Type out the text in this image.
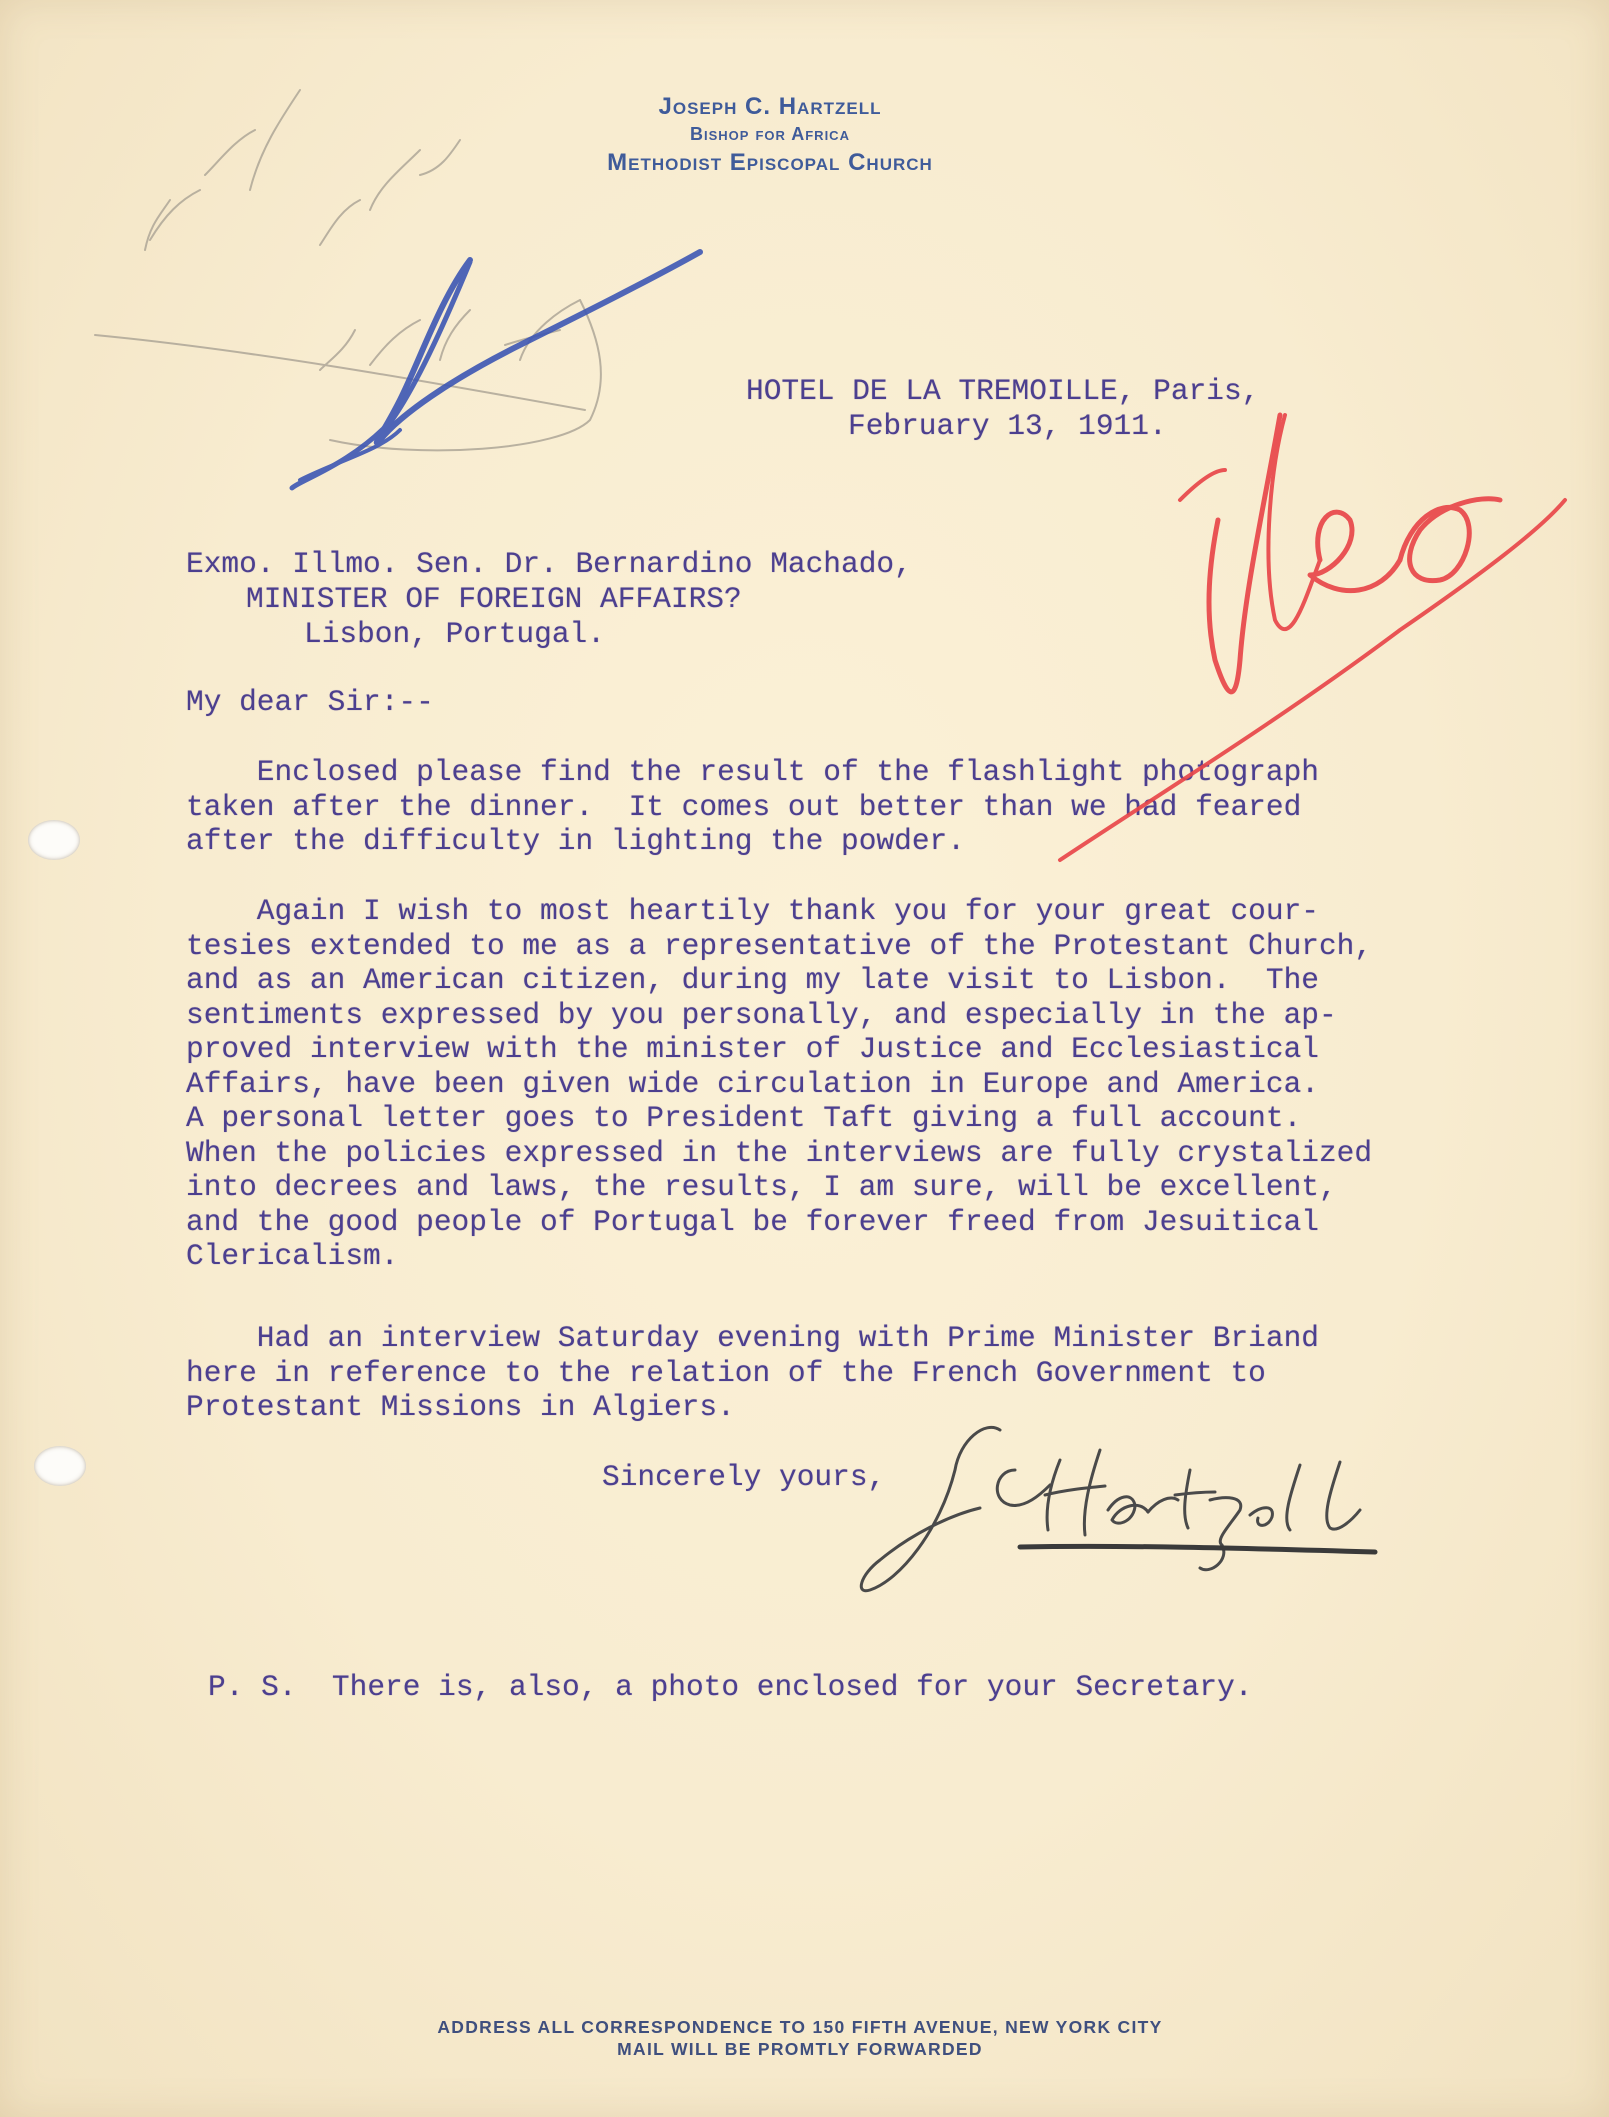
Joseph C. Hartzell
Bishop for Africa
Methodist Episcopal Church
HOTEL DE LA TREMOILLE, Paris,
February 13, 1911.
Exmo. Illmo. Sen. Dr. Bernardino Machado,
MINISTER OF FOREIGN AFFAIRS?
Lisbon, Portugal.
My dear Sir:--
Enclosed please find the result of the flashlight photograph
taken after the dinner.  It comes out better than we had feared
after the difficulty in lighting the powder.
Again I wish to most heartily thank you for your great cour-
tesies extended to me as a representative of the Protestant Church,
and as an American citizen, during my late visit to Lisbon.  The
sentiments expressed by you personally, and especially in the ap-
proved interview with the minister of Justice and Ecclesiastical
Affairs, have been given wide circulation in Europe and America.
A personal letter goes to President Taft giving a full account.
When the policies expressed in the interviews are fully crystalized
into decrees and laws, the results, I am sure, will be excellent,
and the good people of Portugal be forever freed from Jesuitical
Clericalism.
Had an interview Saturday evening with Prime Minister Briand
here in reference to the relation of the French Government to
Protestant Missions in Algiers.
Sincerely yours,
P. S.  There is, also, a photo enclosed for your Secretary.
ADDRESS ALL CORRESPONDENCE TO 150 FIFTH AVENUE, NEW YORK CITY
MAIL WILL BE PROMTLY FORWARDED
